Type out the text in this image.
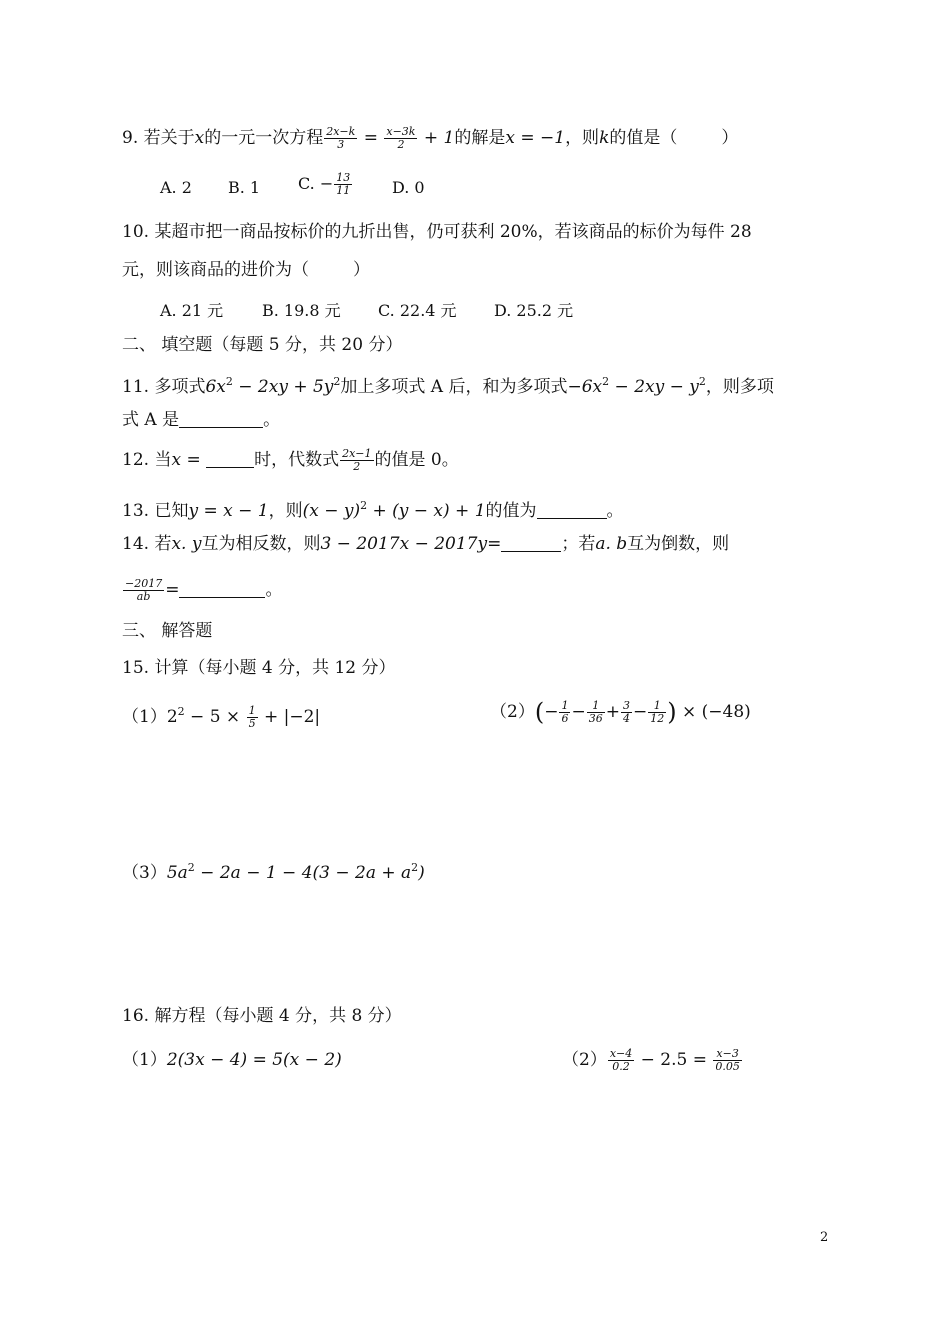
9. 若关于x的一元一次方程 $\frac{2x-k}{3} = \frac{x-3k}{2} + 1$的解是x = −1，则k的值是（	）
A. 2 B. 1 C. − $\frac{13}{11} D$. 0
10. 某超市把一商品按标价的九折出售，仍可获利 20%，若该商品的标价为每件 28
元，则该商品的进价为（	）
A. 21 元 B. 19.8 元 C. 22.4 元 D. 25.2 元
二、 填空题（每题 5 分，共 20 分）
11. 多项式$6x^2 - 2xy + 5y^2$加上多项式 A 后，和为多项式$-6x^2 - 2xy - y^2$，则多项
式 A 是	。
12. 当x =	时，代数式 $\frac{2x-1}{2}$ 的值是 0。
13. 已知y = x − 1，则$(x - y)^2 + (y - x) + 1$的值为	。
14. 若x. y互为相反数，则3 − 2017x − 2017y=	；若a. b互为倒数，则
$\frac{-2017}{ab}$ =	。
三、 解答题
15. 计算（每小题 4 分，共 12 分）
$(1)2^2 - 5 \times \frac{1}{5} + |-2|$	$(2)(- \frac{1}{6} - \frac{1}{36} + \frac{3}{4} - \frac{1}{12}$ ) × (−48)
$(3)5a^2 - 2a - 1 - 4(3 - 2a + a^2)$
16. 解方程（每小题 4 分，共 8 分）
（1）2(3x − 4) = 5(x − 2)	$(2) \frac{x-4}{0.2} - 2.5 = \frac{x-3}{0.05}$
2
